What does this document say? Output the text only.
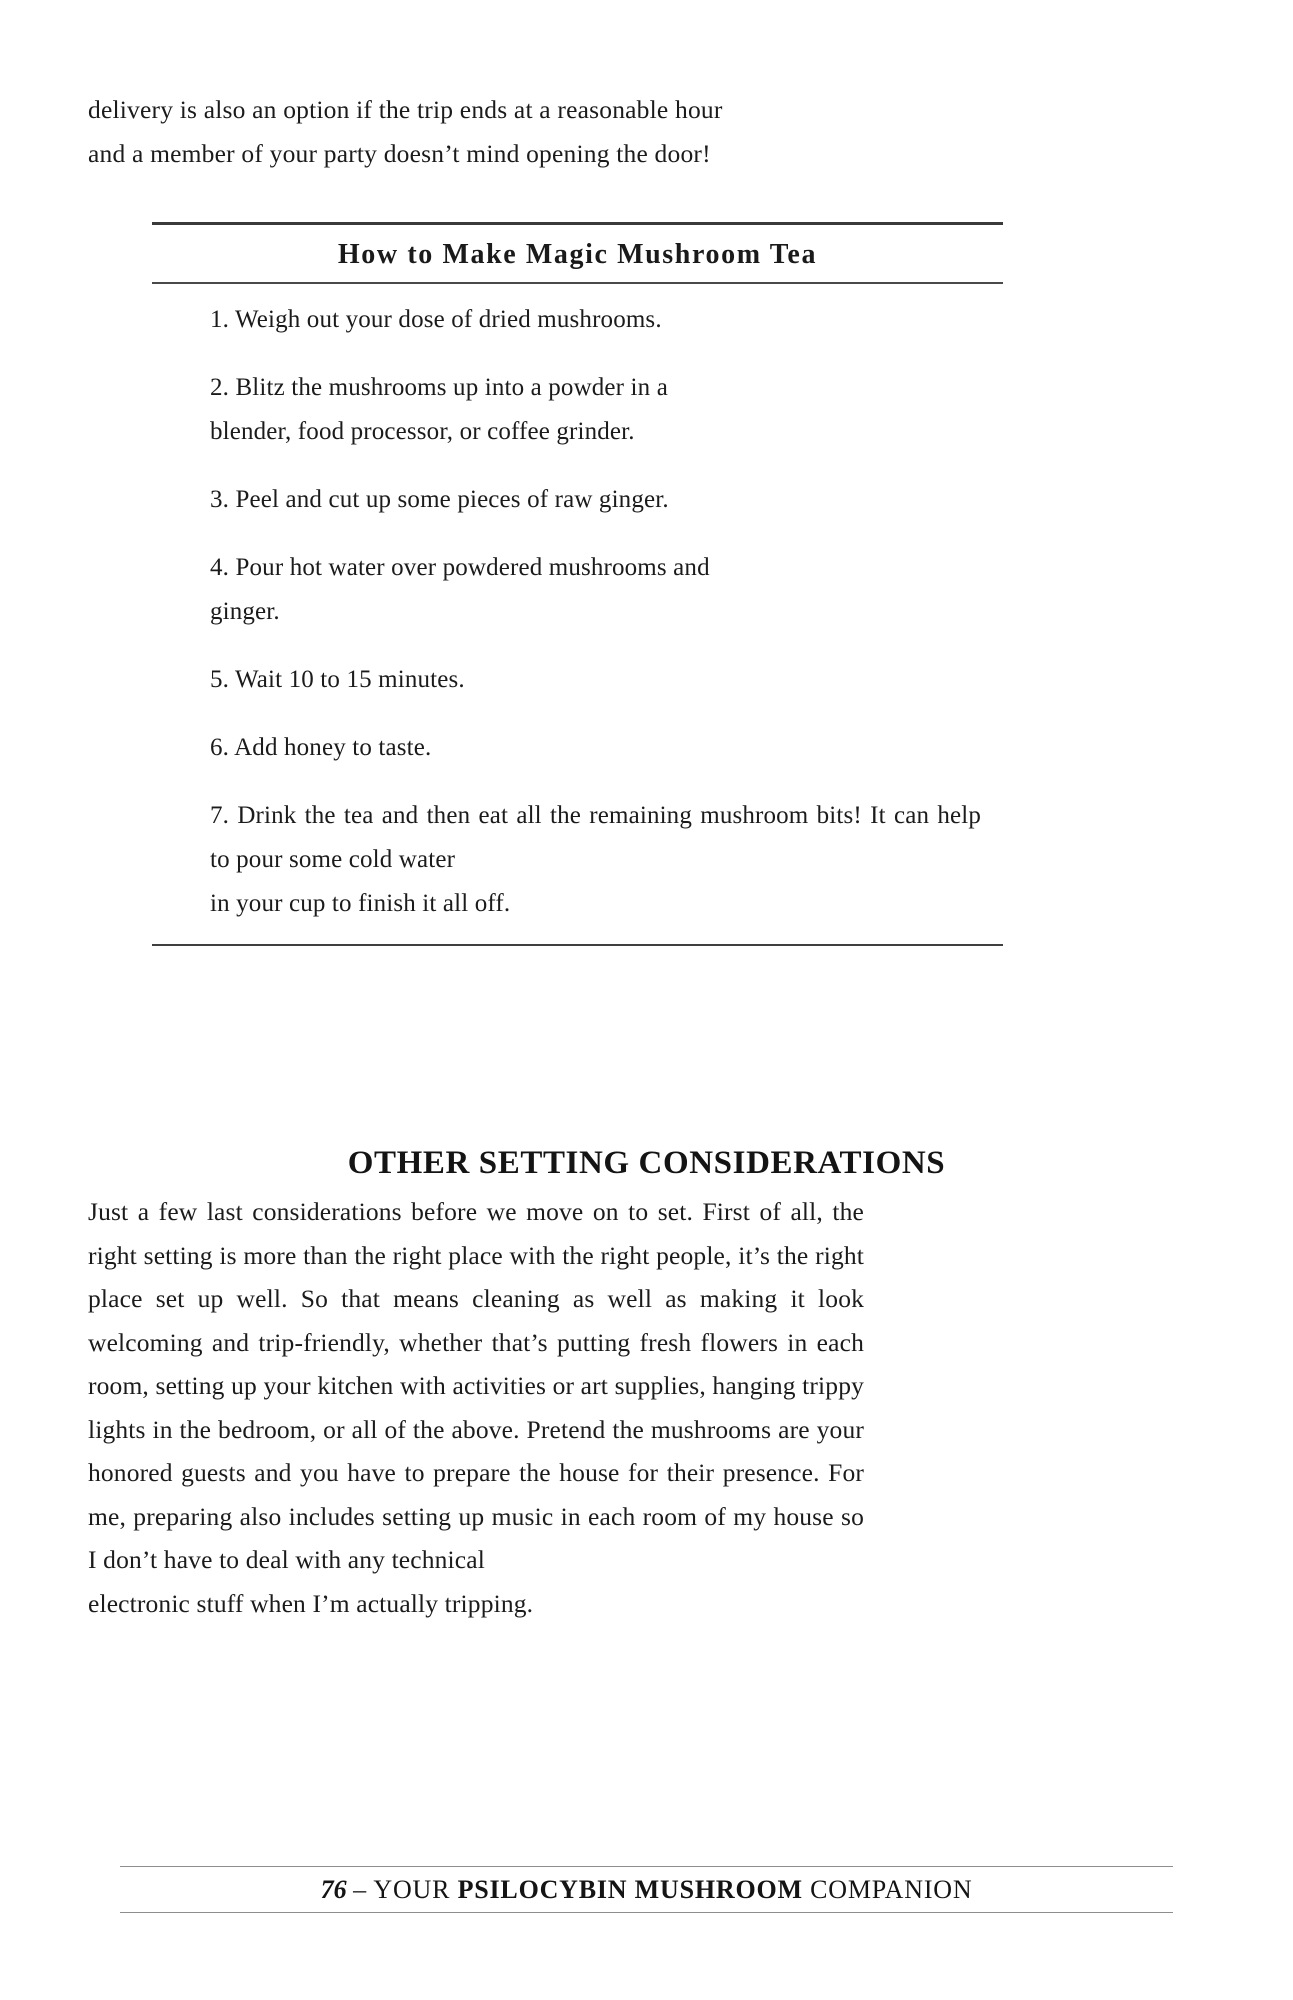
delivery is also an option if the trip ends at a reasonable hour
and a member of your party doesn’t mind opening the door!
How to Make Magic Mushroom Tea

1. Weigh out your dose of dried mushrooms.

2. Blitz the mushrooms up into a powder in a
blender, food processor, or coffee grinder.

3. Peel and cut up some pieces of raw ginger.

4. Pour hot water over powdered mushrooms and
ginger.

5. Wait 10 to 15 minutes.

6. Add honey to taste.

7. Drink the tea and then eat all the remaining mushroom bits! It can help to pour some cold water
in your cup to finish it all off.

OTHER SETTING CONSIDERATIONS
Just a few last considerations before we move on to set. First of all, the right setting is more than the right place with the right people, it’s the right place set up well. So that means cleaning as well as making it look welcoming and trip-friendly, whether that’s putting fresh flowers in each room, setting up your kitchen with activities or art supplies, hanging trippy lights in the bedroom, or all of the above. Pretend the mushrooms are your honored guests and you have to prepare the house for their presence. For me, preparing also includes setting up music in each room of my house so I don’t have to deal with any technical
electronic stuff when I’m actually tripping.
76 – YOUR PSILOCYBIN MUSHROOM COMPANION
